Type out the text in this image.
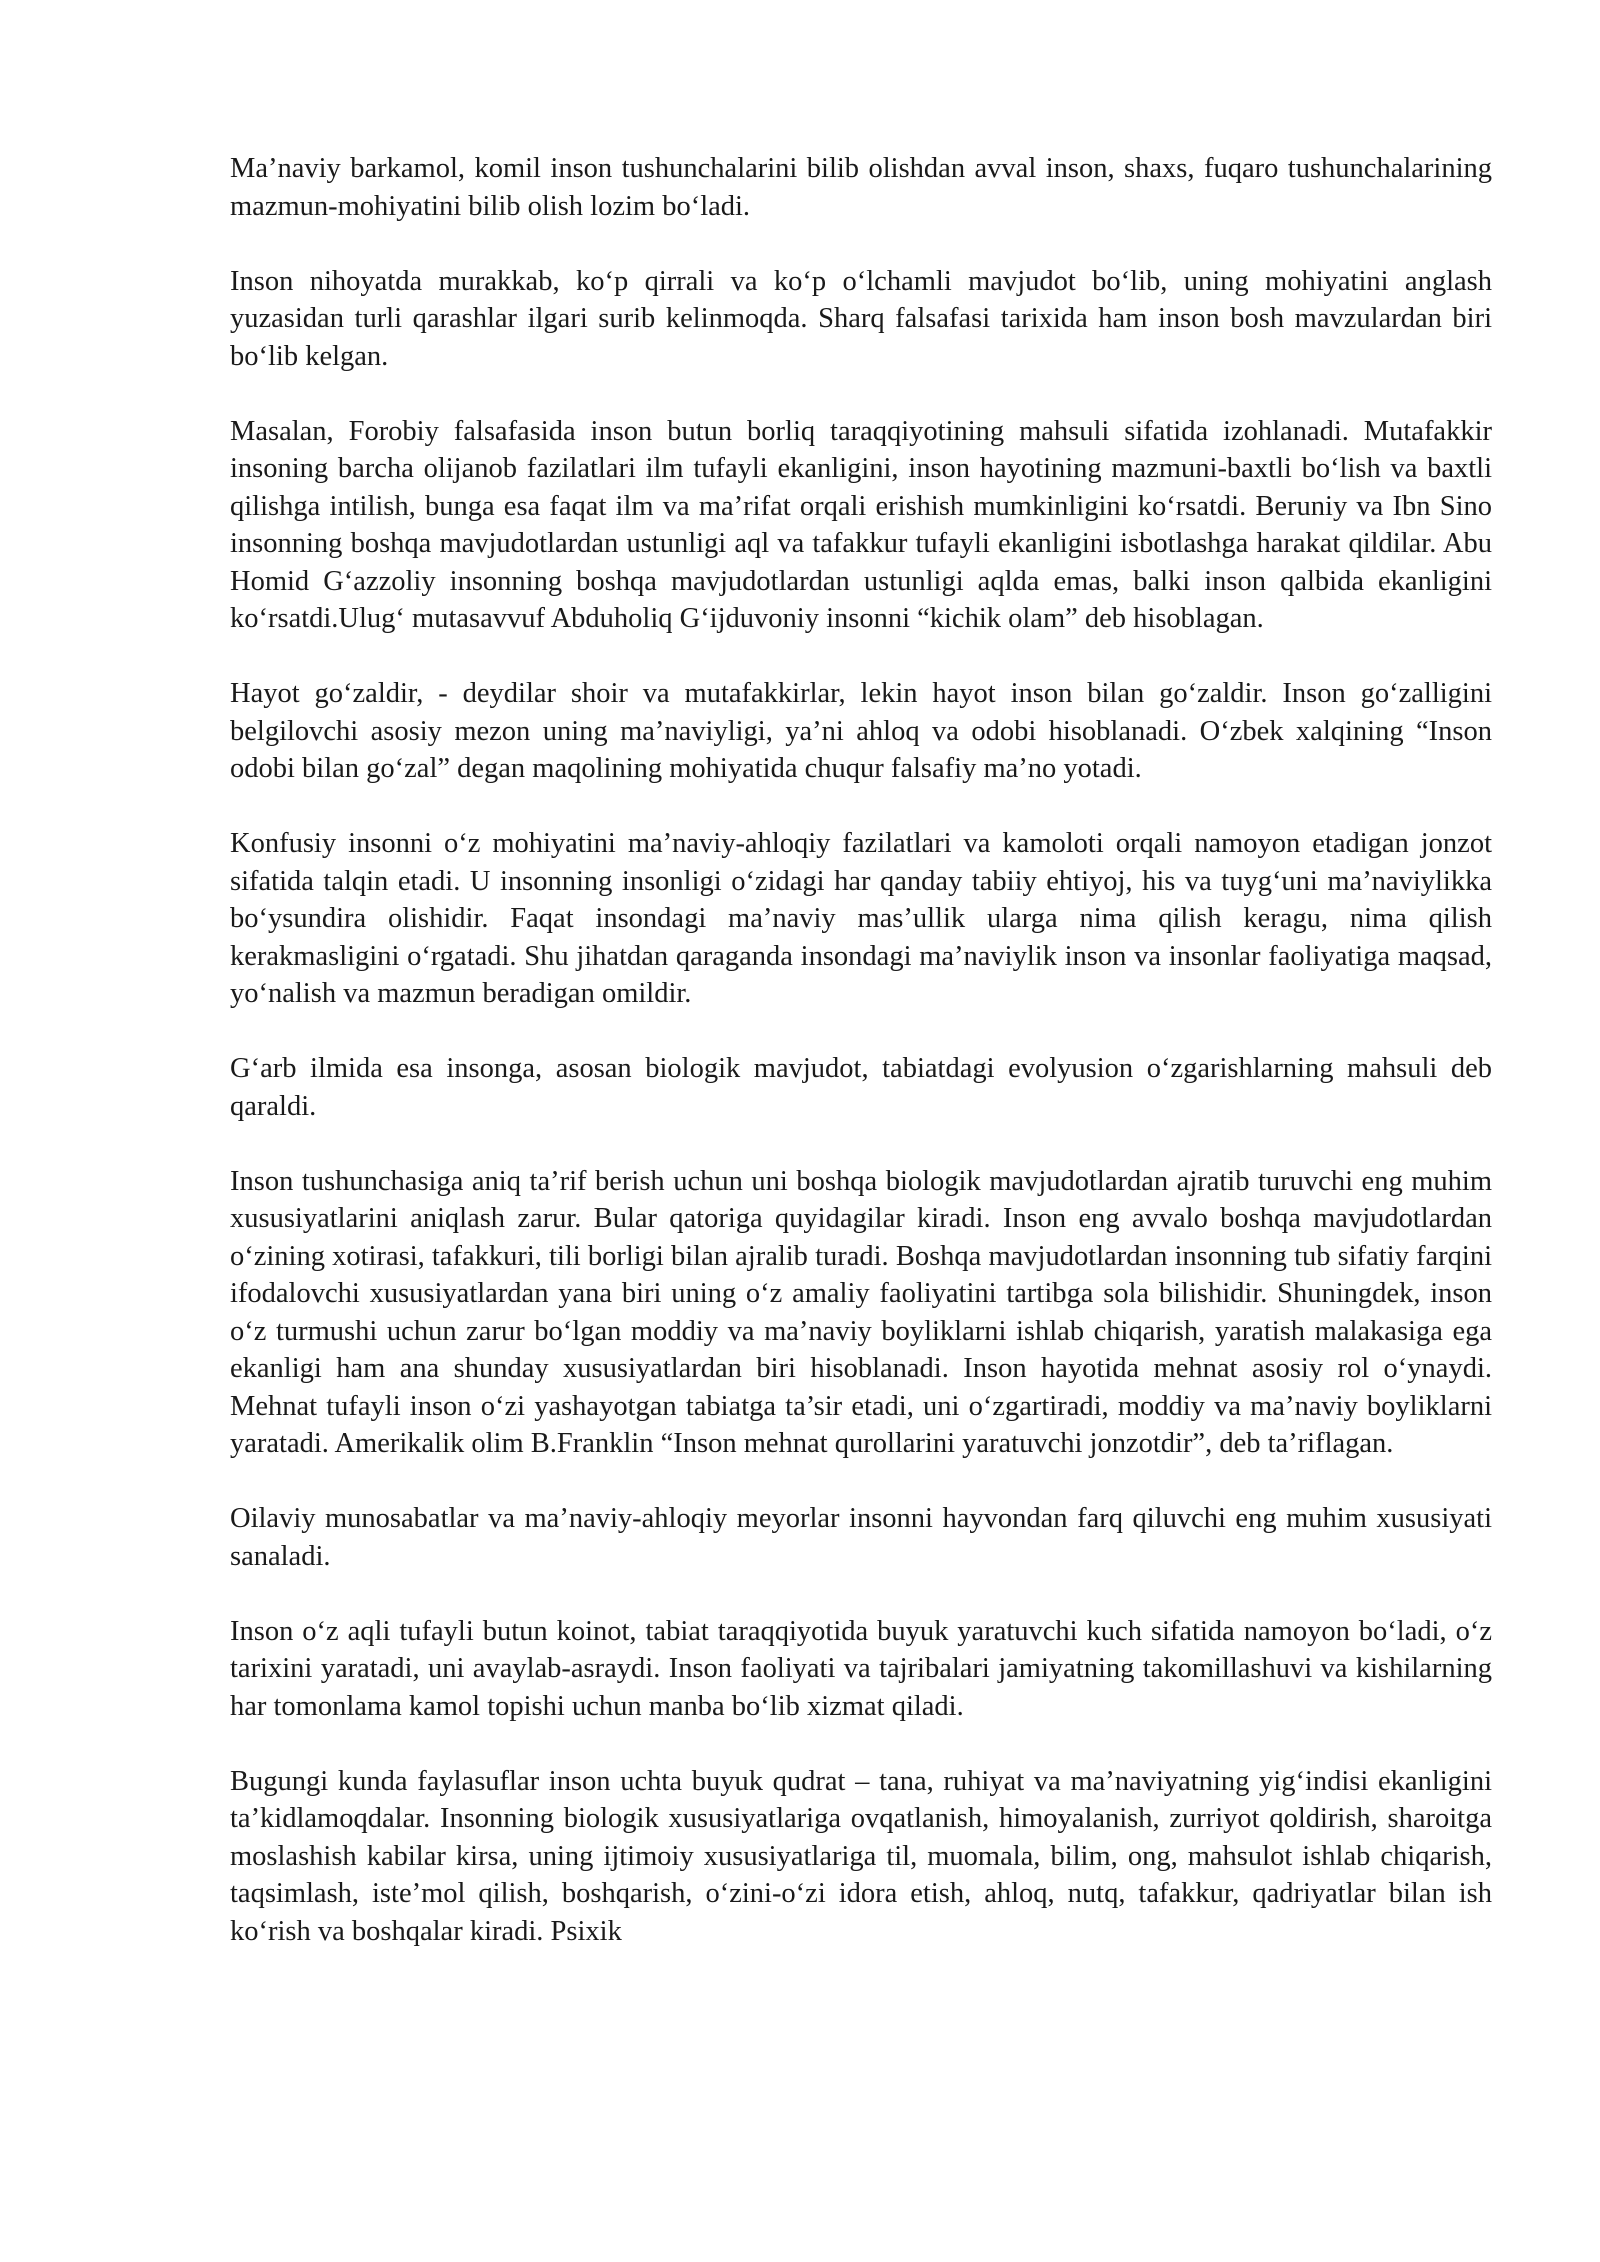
Ma’naviy barkamol, komil inson tushunchalarini bilib olishdan avval inson, shaxs, fuqaro tushunchalarining mazmun-mohiyatini bilib olish lozim bo‘ladi.

Inson nihoyatda murakkab, ko‘p qirrali va ko‘p o‘lchamli mavjudot bo‘lib, uning mohiyatini anglash yuzasidan turli qarashlar ilgari surib kelinmoqda. Sharq falsafasi tarixida ham inson bosh mavzulardan biri bo‘lib kelgan.

Masalan, Forobiy falsafasida inson butun borliq taraqqiyotining mahsuli sifatida izohlanadi. Mutafakkir insoning barcha olijanob fazilatlari ilm tufayli ekanligini, inson hayotining mazmuni-baxtli bo‘lish va baxtli qilishga intilish, bunga esa faqat ilm va ma’rifat orqali erishish mumkinligini ko‘rsatdi. Beruniy va Ibn Sino insonning boshqa mavjudotlardan ustunligi aql va tafakkur tufayli ekanligini isbotlashga harakat qildilar. Abu Homid G‘azzoliy insonning boshqa mavjudotlardan ustunligi aqlda emas, balki inson qalbida ekanligini ko‘rsatdi.Ulug‘ mutasavvuf Abduholiq G‘ijduvoniy insonni “kichik olam” deb hisoblagan.

Hayot go‘zaldir, - deydilar shoir va mutafakkirlar, lekin hayot inson bilan go‘zaldir. Inson go‘zalligini belgilovchi asosiy mezon uning ma’naviyligi, ya’ni ahloq va odobi hisoblanadi. O‘zbek xalqining “Inson odobi bilan go‘zal” degan maqolining mohiyatida chuqur falsafiy ma’no yotadi.

Konfusiy insonni o‘z mohiyatini ma’naviy-ahloqiy fazilatlari va kamoloti orqali namoyon etadigan jonzot sifatida talqin etadi. U insonning insonligi o‘zidagi har qanday tabiiy ehtiyoj, his va tuyg‘uni ma’naviylikka bo‘ysundira olishidir. Faqat insondagi ma’naviy mas’ullik ularga nima qilish keragu, nima qilish kerakmasligini o‘rgatadi. Shu jihatdan qaraganda insondagi ma’naviylik inson va insonlar faoliyatiga maqsad, yo‘nalish va mazmun beradigan omildir.

G‘arb ilmida esa insonga, asosan biologik mavjudot, tabiatdagi evolyusion o‘zgarishlarning mahsuli deb qaraldi.

Inson tushunchasiga aniq ta’rif berish uchun uni boshqa biologik mavjudotlardan ajratib turuvchi eng muhim xususiyatlarini aniqlash zarur. Bular qatoriga quyidagilar kiradi. Inson eng avvalo boshqa mavjudotlardan o‘zining xotirasi, tafakkuri, tili borligi bilan ajralib turadi. Boshqa mavjudotlardan insonning tub sifatiy farqini ifodalovchi xususiyatlardan yana biri uning o‘z amaliy faoliyatini tartibga sola bilishidir. Shuningdek, inson o‘z turmushi uchun zarur bo‘lgan moddiy va ma’naviy boyliklarni ishlab chiqarish, yaratish malakasiga ega ekanligi ham ana shunday xususiyatlardan biri hisoblanadi. Inson hayotida mehnat asosiy rol o‘ynaydi. Mehnat tufayli inson o‘zi yashayotgan tabiatga ta’sir etadi, uni o‘zgartiradi, moddiy va ma’naviy boyliklarni yaratadi. Amerikalik olim B.Franklin “Inson mehnat qurollarini yaratuvchi jonzotdir”, deb ta’riflagan.

Oilaviy munosabatlar va ma’naviy-ahloqiy meyorlar insonni hayvondan farq qiluvchi eng muhim xususiyati sanaladi.

Inson o‘z aqli tufayli butun koinot, tabiat taraqqiyotida buyuk yaratuvchi kuch sifatida namoyon bo‘ladi, o‘z tarixini yaratadi, uni avaylab-asraydi. Inson faoliyati va tajribalari jamiyatning takomillashuvi va kishilarning har tomonlama kamol topishi uchun manba bo‘lib xizmat qiladi.

Bugungi kunda faylasuflar inson uchta buyuk qudrat – tana, ruhiyat va ma’naviyatning yig‘indisi ekanligini ta’kidlamoqdalar. Insonning biologik xususiyatlariga ovqatlanish, himoyalanish, zurriyot qoldirish, sharoitga moslashish kabilar kirsa, uning ijtimoiy xususiyatlariga til, muomala, bilim, ong, mahsulot ishlab chiqarish, taqsimlash, iste’mol qilish, boshqarish, o‘zini-o‘zi idora etish, ahloq, nutq, tafakkur, qadriyatlar bilan ish ko‘rish va boshqalar kiradi. Psixik
